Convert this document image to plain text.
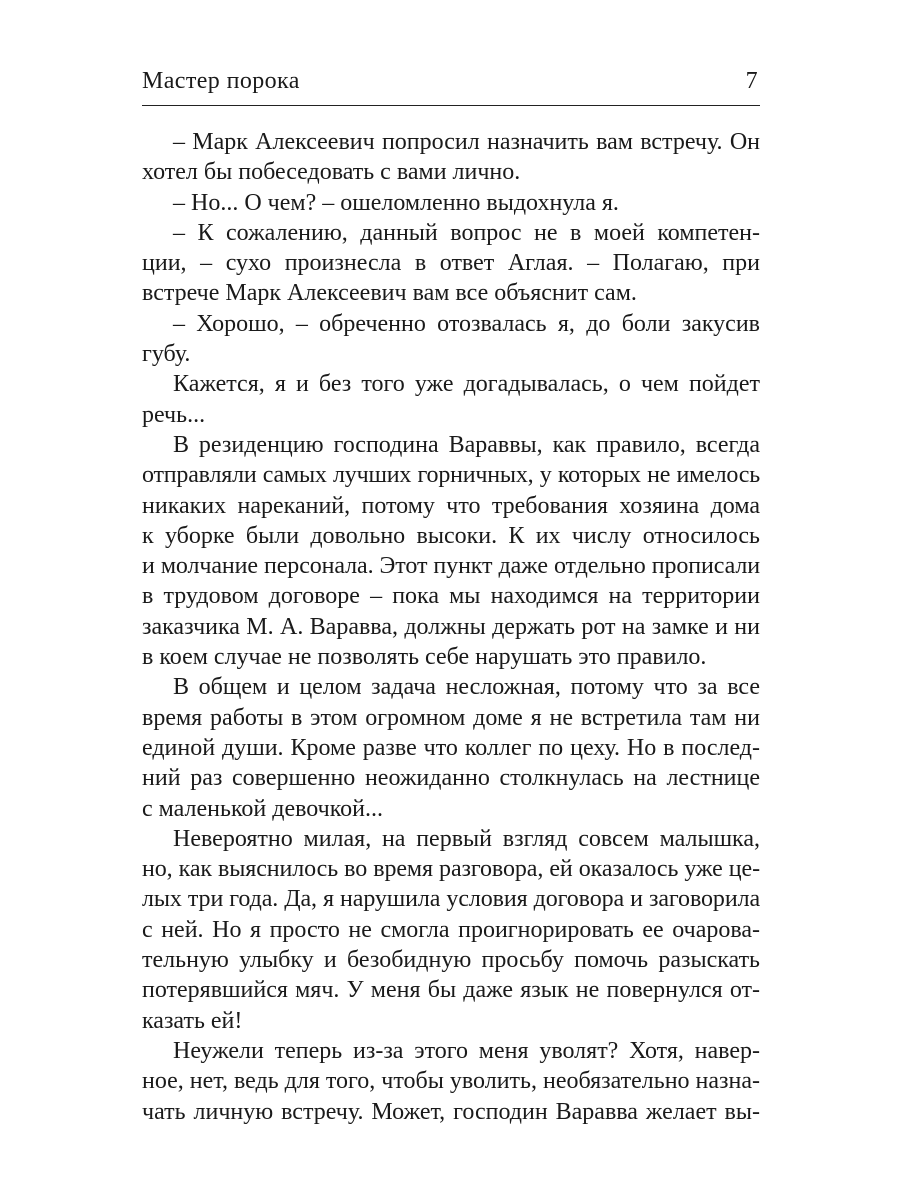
Мастер порока	7
– Марк Алексеевич попросил назначить вам встречу. Он
хотел бы побеседовать с вами лично.
– Но... О чем? – ошеломленно выдохнула я.
– К сожалению, данный вопрос не в моей компетен-
ции, – сухо произнесла в ответ Аглая. – Полагаю, при
встрече Марк Алексеевич вам все объяснит сам.
– Хорошо, – обреченно отозвалась я, до боли закусив
губу.
Кажется, я и без того уже догадывалась, о чем пойдет
речь...
В резиденцию господина Вараввы, как правило, всегда
отправляли самых лучших горничных, у которых не имелось
никаких нареканий, потому что требования хозяина дома
к уборке были довольно высоки. К их числу относилось
и молчание персонала. Этот пункт даже отдельно прописали
в трудовом договоре – пока мы находимся на территории
заказчика М. А. Варавва, должны держать рот на замке и ни
в коем случае не позволять себе нарушать это правило.
В общем и целом задача несложная, потому что за все
время работы в этом огромном доме я не встретила там ни
единой души. Кроме разве что коллег по цеху. Но в послед-
ний раз совершенно неожиданно столкнулась на лестнице
с маленькой девочкой...
Невероятно милая, на первый взгляд совсем малышка,
но, как выяснилось во время разговора, ей оказалось уже це-
лых три года. Да, я нарушила условия договора и заговорила
с ней. Но я просто не смогла проигнорировать ее очарова-
тельную улыбку и безобидную просьбу помочь разыскать
потерявшийся мяч. У меня бы даже язык не повернулся от-
казать ей!
Неужели теперь из-за этого меня уволят? Хотя, навер-
ное, нет, ведь для того, чтобы уволить, необязательно назна-
чать личную встречу. Может, господин Варавва желает вы-
